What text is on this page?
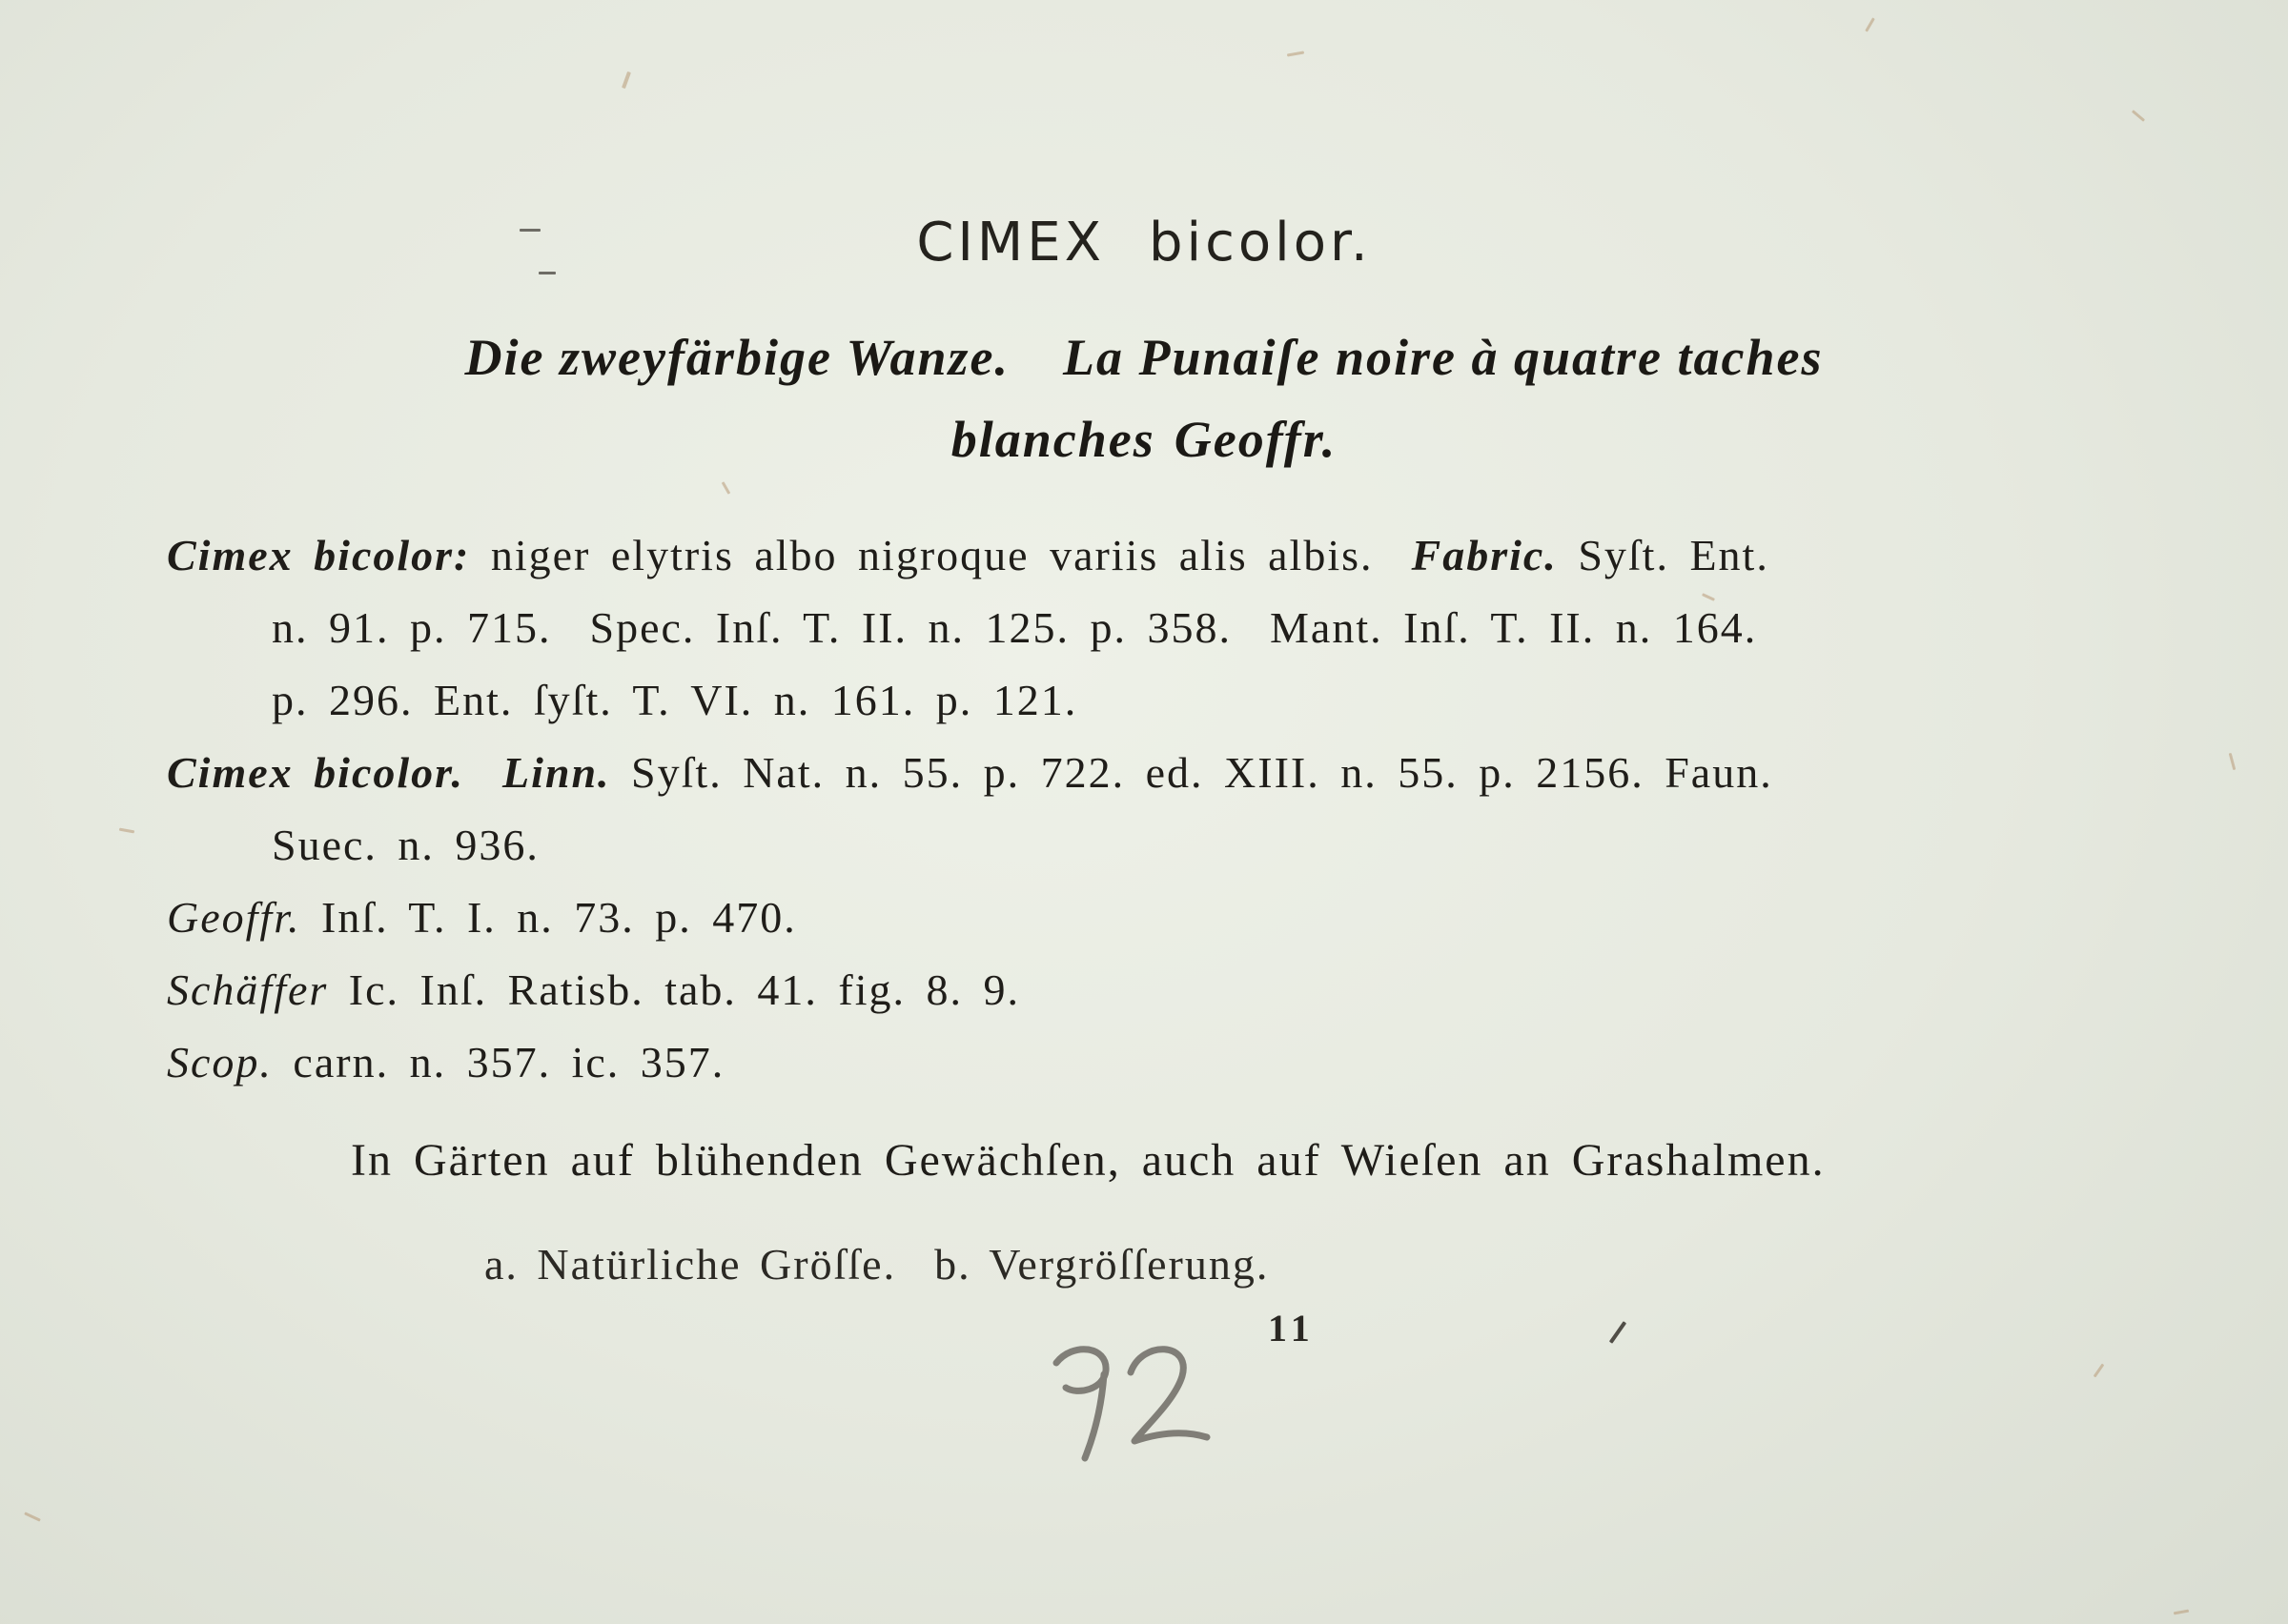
CIMEX bicolor.
Die zweyfärbige Wanze. La Punaiſe noire à quatre taches
blanches Geoffr.
Cimex bicolor: niger elytris albo nigroque variis alis albis. Fabric. Syſt. Ent.
n. 91. p. 715. Spec. Inſ. T. II. n. 125. p. 358. Mant. Inſ. T. II. n. 164.
p. 296. Ent. ſyſt. T. VI. n. 161. p. 121.
Cimex bicolor. Linn. Syſt. Nat. n. 55. p. 722. ed. XIII. n. 55. p. 2156. Faun.
Suec. n. 936.
Geoffr. Inſ. T. I. n. 73. p. 470.
Schäffer Ic. Inſ. Ratisb. tab. 41. fig. 8. 9.
Scop. carn. n. 357. ic. 357.
In Gärten auf blühenden Gewächſen, auch auf Wieſen an Grashalmen.
a. Natürliche Gröſſe. b. Vergröſſerung.
11
